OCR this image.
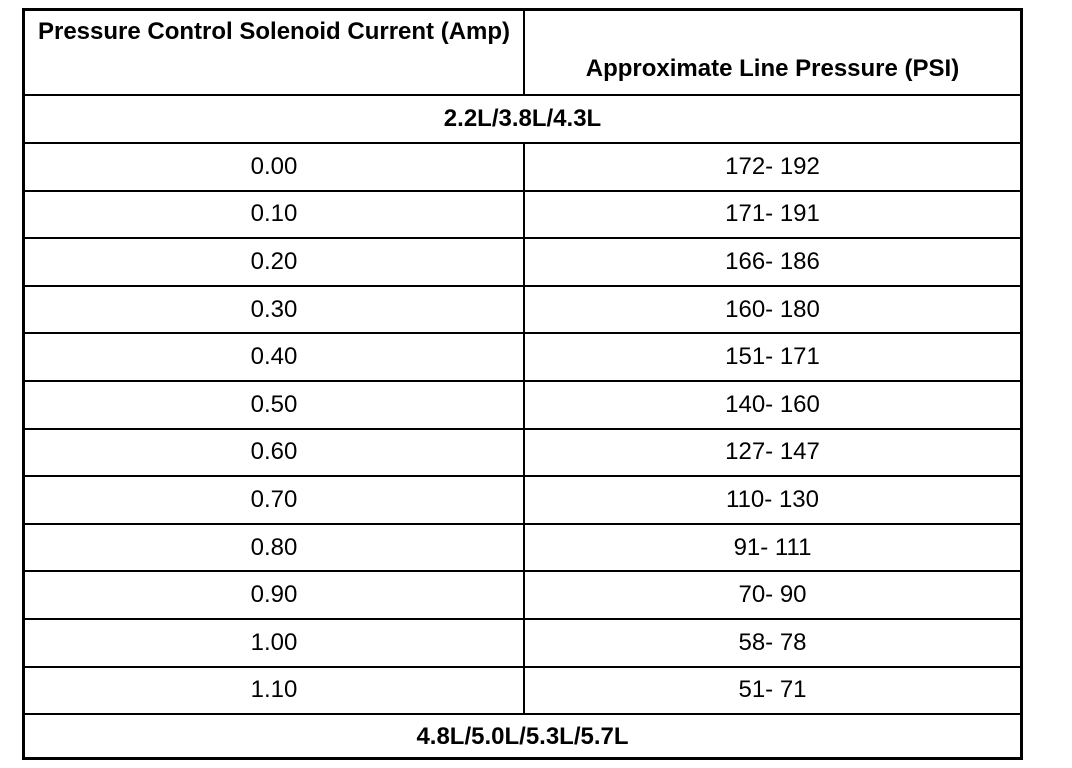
Pressure Control Solenoid Current (Amp)	Approximate Line Pressure (PSI)
2.2L/3.8L/4.3L	
0.00	172- 192
0.10	171- 191
0.20	166- 186
0.30	160- 180
0.40	151- 171
0.50	140- 160
0.60	127- 147
0.70	110- 130
0.80	91- 111
0.90	70- 90
1.00	58- 78
1.10	51- 71
4.8L/5.0L/5.3L/5.7L	
